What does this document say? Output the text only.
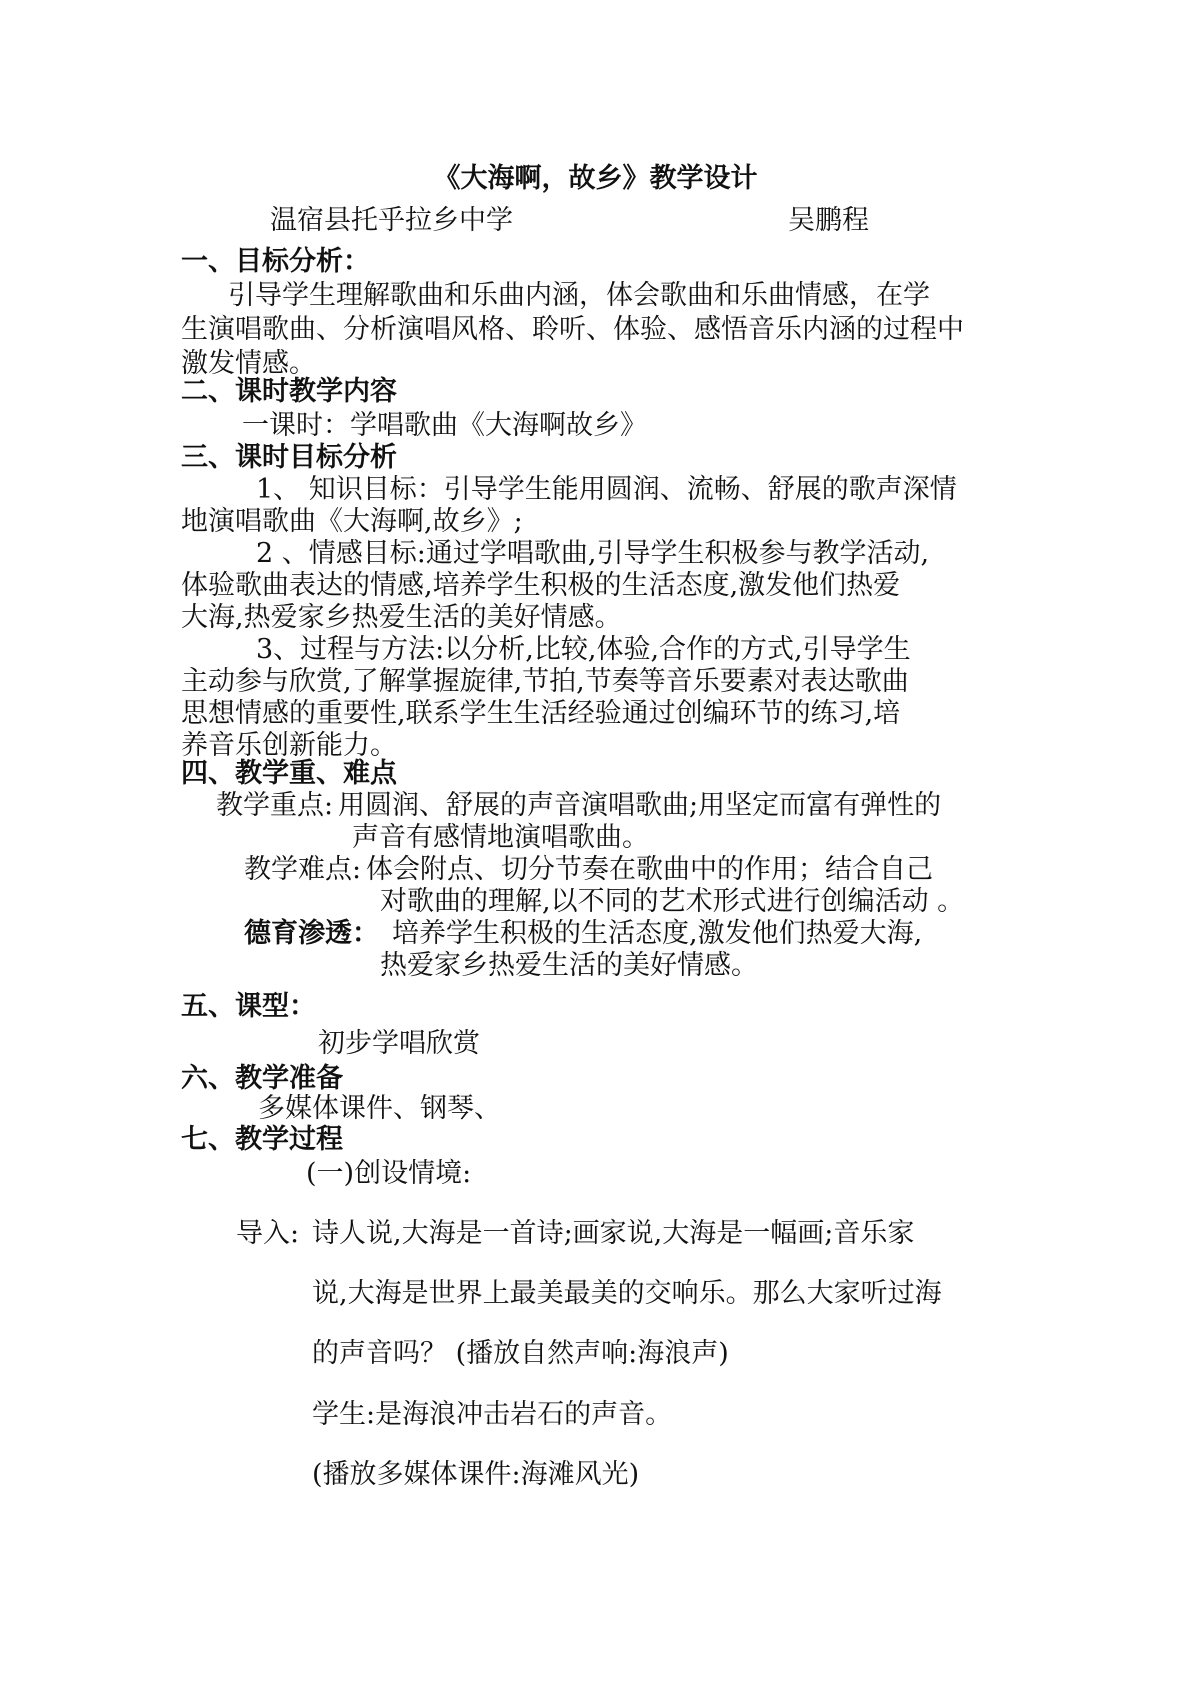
《大海啊，故乡》教学设计
温宿县托乎拉乡中学	吴鹏程
一、目标分析：
引导学生理解歌曲和乐曲内涵，体会歌曲和乐曲情感，在学
生演唱歌曲、分析演唱风格、聆听、体验、感悟音乐内涵的过程中
激发情感。
二、课时教学内容
一课时：学唱歌曲《大海啊故乡》
三、课时目标分析
1、 知识目标：引导学生能用圆润、流畅、舒展的歌声深情
地演唱歌曲《大海啊,故乡》;
2 、情感目标:通过学唱歌曲,引导学生积极参与教学活动,
体验歌曲表达的情感,培养学生积极的生活态度,激发他们热爱
大海,热爱家乡热爱生活的美好情感。
3、过程与方法:以分析,比较,体验,合作的方式,引导学生
主动参与欣赏,了解掌握旋律,节拍,节奏等音乐要素对表达歌曲
思想情感的重要性,联系学生生活经验通过创编环节的练习,培
养音乐创新能力。
四、教学重、难点
教学重点: 用圆润、舒展的声音演唱歌曲;用坚定而富有弹性的
声音有感情地演唱歌曲。
教学难点: 体会附点、切分节奏在歌曲中的作用；结合自己
对歌曲的理解,以不同的艺术形式进行创编活动 。
德育渗透： 培养学生积极的生活态度,激发他们热爱大海,
热爱家乡热爱生活的美好情感。
五、课型：
初步学唱欣赏
六、教学准备
多媒体课件、钢琴、
七、教学过程
(一)创设情境:
导入: 诗人说,大海是一首诗;画家说,大海是一幅画;音乐家
说,大海是世界上最美最美的交响乐。那么大家听过海
的声音吗？ (播放自然声响:海浪声)
学生:是海浪冲击岩石的声音。
(播放多媒体课件:海滩风光)
